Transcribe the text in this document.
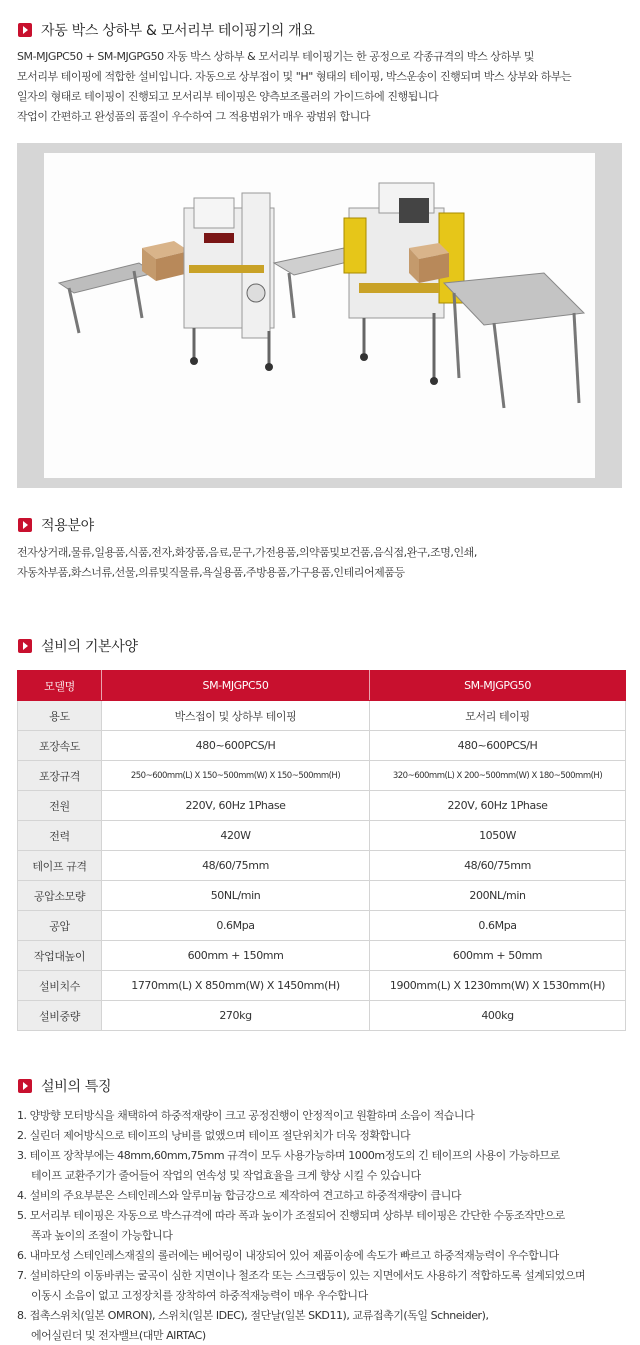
자동 박스 상하부 & 모서리부 테이핑기의 개요

SM-MJGPC50 + SM-MJGPG50 자동 박스 상하부 & 모서리부 테이핑기는 한 공정으로 각종규격의 박스 상하부 및

모서리부 테이핑에 적합한 설비입니다. 자동으로 상부접이 및 "H" 형태의 테이핑, 박스운송이 진행되며 박스 상부와 하부는

일자의 형태로 테이핑이 진행되고 모서리부 테이핑은 양측보조롤러의 가이드하에 진행됩니다

작업이 간편하고 완성품의 품질이 우수하여 그 적용범위가 매우 광범위 합니다

적용분야

전자상거래,물류,일용품,식품,전자,화장품,음료,문구,가전용품,의약품및보건품,음식점,완구,조명,인쇄,

자동차부품,화스너류,선물,의류및직물류,욕실용품,주방용품,가구용품,인테리어제품등

설비의 기본사양
모델명	SM-MJGPC50	SM-MJGPG50
용도	박스접이 및 상하부 테이핑	모서리 테이핑
포장속도	480~600PCS/H	480~600PCS/H
포장규격	250~600mm(L) X 150~500mm(W) X 150~500mm(H)	320~600mm(L) X 200~500mm(W) X 180~500mm(H)
전원	220V, 60Hz 1Phase	220V, 60Hz 1Phase
전력	420W	1050W
테이프 규격	48/60/75mm	48/60/75mm
공압소모량	50NL/min	200NL/min
공압	0.6Mpa	0.6Mpa
작업대높이	600mm + 150mm	600mm + 50mm
설비치수	1770mm(L) X 850mm(W) X 1450mm(H)	1900mm(L) X 1230mm(W) X 1530mm(H)
설비중량	270kg	400kg
설비의 특징
1. 양방향 모터방식을 채택하여 하중적재량이 크고 공정진행이 안정적이고 원활하며 소음이 적습니다
2. 실린더 제어방식으로 테이프의 낭비를 없앴으며 테이프 절단위치가 더욱 정확합니다
3. 테이프 장착부에는 48mm,60mm,75mm 규격이 모두 사용가능하며 1000m정도의 긴 테이프의 사용이 가능하므로
테이프 교환주기가 줄어들어 작업의 연속성 및 작업효율을 크게 향상 시킬 수 있습니다
4. 설비의 주요부분은 스테인레스와 알루미늄 합금강으로 제작하여 견고하고 하중적재량이 큽니다
5. 모서리부 테이핑은 자동으로 박스규격에 따라 폭과 높이가 조절되어 진행되며 상하부 테이핑은 간단한 수동조작만으로
폭과 높이의 조절이 가능합니다
6. 내마모성 스테인레스재질의 롤러에는 베어링이 내장되어 있어 제품이송에 속도가 빠르고 하중적재능력이 우수합니다
7. 설비하단의 이동바퀴는 굴곡이 심한 지면이나 철조각 또는 스크랩등이 있는 지면에서도 사용하기 적합하도록 설계되었으며
이동시 소음이 없고 고정장치를 장착하여 하중적재능력이 매우 우수합니다
8. 접촉스위치(일본 OMRON), 스위치(일본 IDEC), 절단날(일본 SKD11), 교류접촉기(독일 Schneider),
에어실린더 및 전자밸브(대만 AIRTAC)
